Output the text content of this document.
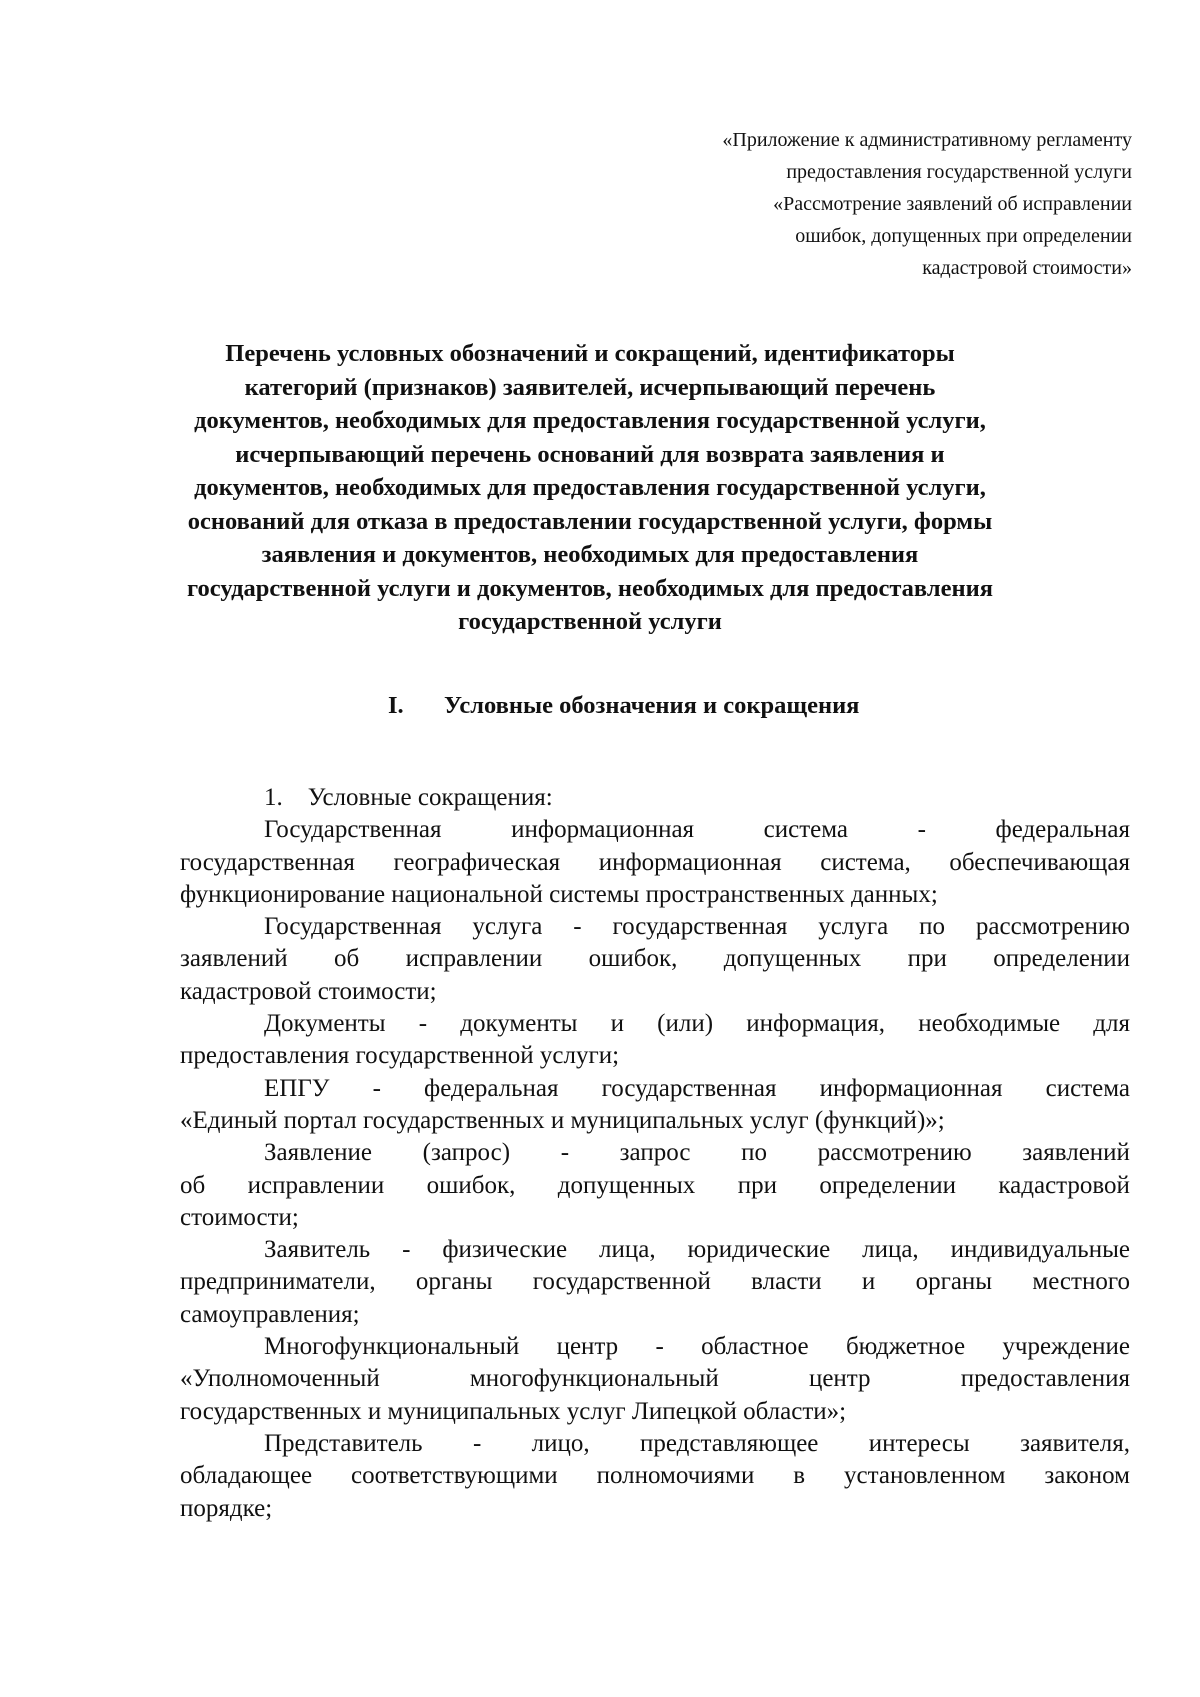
«Приложение к административному регламенту
предоставления государственной услуги
«Рассмотрение заявлений об исправлении
ошибок, допущенных при определении
кадастровой стоимости»
Перечень условных обозначений и сокращений, идентификаторы
категорий (признаков) заявителей, исчерпывающий перечень
документов, необходимых для предоставления государственной услуги,
исчерпывающий перечень оснований для возврата заявления и
документов, необходимых для предоставления государственной услуги,
оснований для отказа в предоставлении государственной услуги, формы
заявления и документов, необходимых для предоставления
государственной услуги и документов, необходимых для предоставления
государственной услуги
I. Условные обозначения и сокращения
1.    Условные сокращения:
Государственная	информационная	система	-	федеральная
государственная географическая информационная система, обеспечивающая
функционирование национальной системы пространственных данных;
Государственная услуга - государственная услуга по рассмотрению
заявлений об исправлении ошибок, допущенных при определении
кадастровой стоимости;
Документы - документы и (или) информация, необходимые для
предоставления государственной услуги;
ЕПГУ - федеральная государственная информационная система
«Единый портал государственных и муниципальных услуг (функций)»;
Заявление (запрос) - запрос по рассмотрению заявлений
об исправлении ошибок, допущенных при определении кадастровой
стоимости;
Заявитель - физические лица, юридические лица, индивидуальные
предприниматели, органы государственной власти и органы местного
самоуправления;
Многофункциональный центр - областное бюджетное учреждение
«Уполномоченный	многофункциональный	центр	предоставления
государственных и муниципальных услуг Липецкой области»;
Представитель - лицо, представляющее интересы заявителя,
обладающее соответствующими полномочиями в установленном законом
порядке;
